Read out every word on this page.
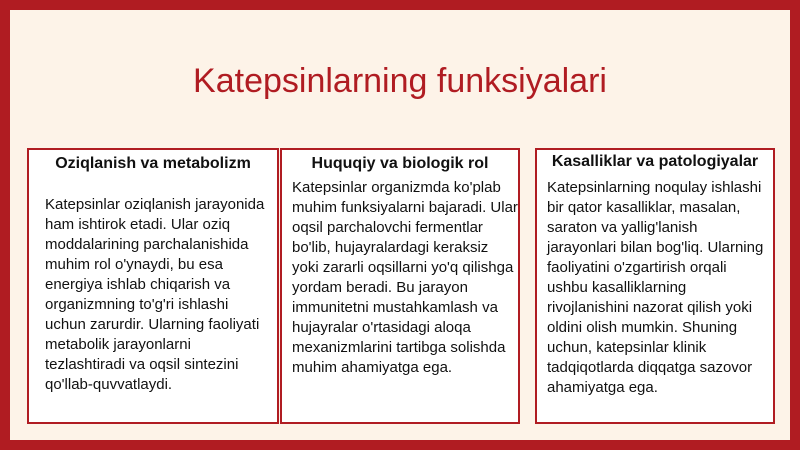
Katepsinlarning funksiyalari
Oziqlanish va metabolizm
Katepsinlar oziqlanish jarayonida ham ishtirok etadi. Ular oziq moddalarining parchalanishida muhim rol o'ynaydi, bu esa energiya ishlab chiqarish va organizmning to'g'ri ishlashi uchun zarurdir. Ularning faoliyati metabolik jarayonlarni tezlashtiradi va oqsil sintezini qo'llab-quvvatlaydi.
Huquqiy va biologik rol
Katepsinlar organizmda ko'plab muhim funksiyalarni bajaradi. Ular oqsil parchalovchi fermentlar bo'lib, hujayralardagi keraksiz yoki zararli oqsillarni yo'q qilishga yordam beradi. Bu jarayon immunitetni mustahkamlash va hujayralar o'rtasidagi aloqa mexanizmlarini tartibga solishda muhim ahamiyatga ega.
Kasalliklar va patologiyalar
Katepsinlarning noqulay ishlashi bir qator kasalliklar, masalan, saraton va yallig'lanish jarayonlari bilan bog'liq. Ularning faoliyatini o'zgartirish orqali ushbu kasalliklarning rivojlanishini nazorat qilish yoki oldini olish mumkin. Shuning uchun, katepsinlar klinik tadqiqotlarda diqqatga sazovor ahamiyatga ega.
